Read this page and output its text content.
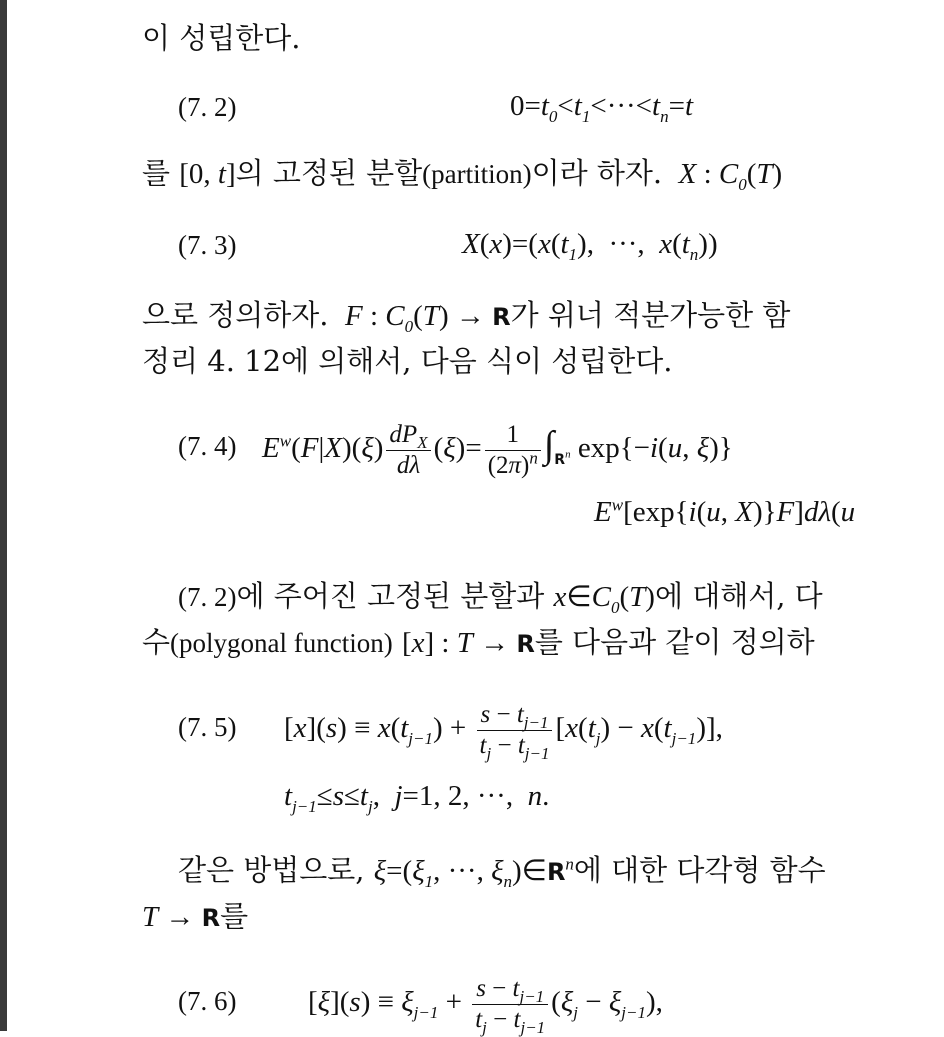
이 성립한다.
(7. 2)	$0=t_0<t_1<\cdot\cdot\cdot<t_n=t$
를 [0, t]의 고정된 분할(partition)이라 하자.  X : $C_0(T)$
(7. 3)	$X(x)=(x(t_1)$,  ···,  $x(t_n)$)
으로 정의하자.  F : $C_0(T) \to R$가 위너 적분가능한 함
정리 4. 12에 의해서, 다음 식이 성립한다.
(7. 4) $E^w(F|X)(\xi) \frac{dP_X}{d\lambda} (\xi)= \frac{1}{(2\pi)^n} \int_{R^n}$ exp{−i(u, ξ)}
$E^w[\exp\{i(u$, X)}F]dλ(u
(7. 2)에 주어진 고정된 분할과 $x\in C_0(T)$에 대해서, 다
수(polygonal function) [x] : T → R를 다음과 같이 정의하
(7. 5) $[x](s) \equiv x(t_{j-1}) + \frac{s - t_{j-1}}{t_j - t_{j-1}} [x(t_j) - x(t_{j-1})]$,
$t_{j-1}\le s\le t_j$,  j=1, 2, ···,  n.
같은 방법으로, $\xi=(\xi_1$, ···, $\xi_n)\in R^n$에 대한 다각형 함수
T → R를
(7. 6) $[\xi](s) \equiv \xi_{j-1} + \frac{s - t_{j-1}}{t_j - t_{j-1}} (\xi_j - \xi_{j-1})$,
